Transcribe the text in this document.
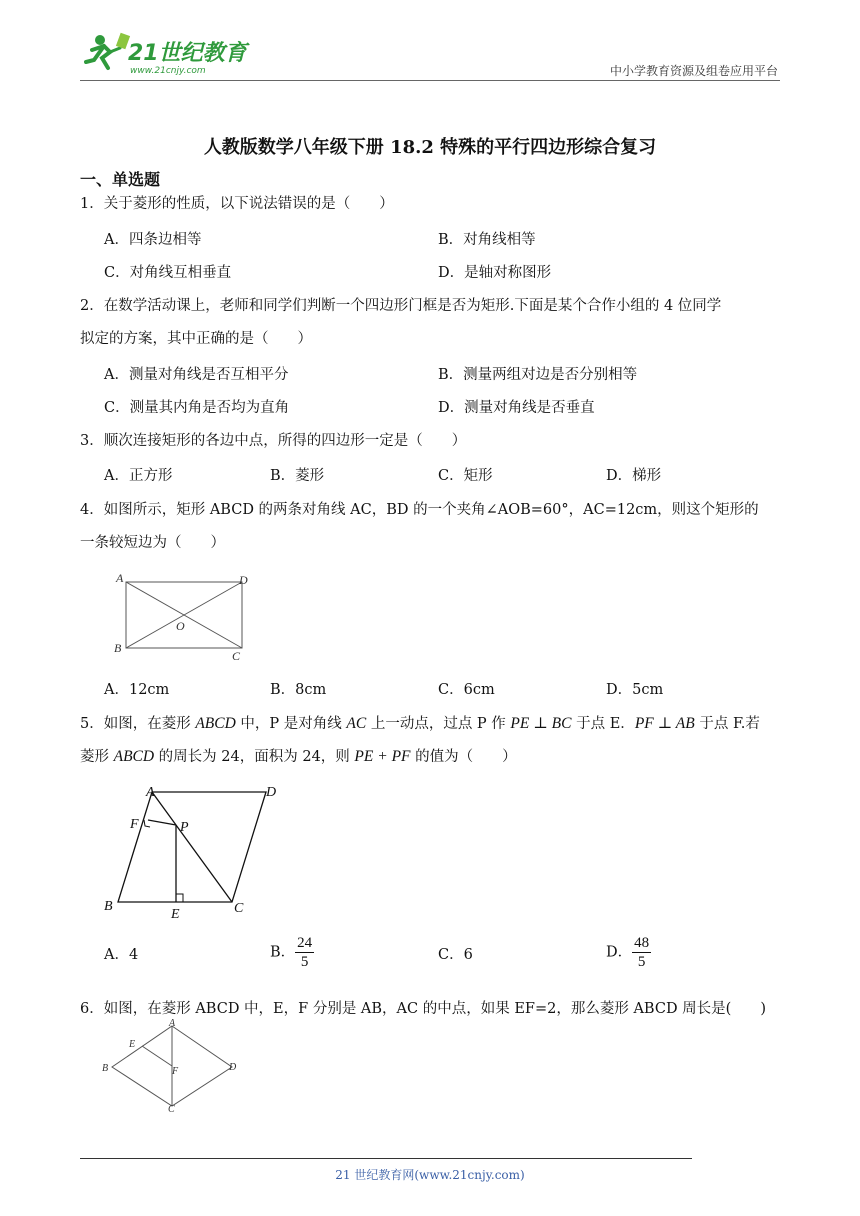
21世纪教育
www.21cnjy.com	中小学教育资源及组卷应用平台
人教版数学八年级下册 18.2 特殊的平行四边形综合复习
一、单选题
1．关于菱形的性质，以下说法错误的是（　　）
A．四条边相等	B．对角线相等
C．对角线互相垂直	D．是轴对称图形
2．在数学活动课上，老师和同学们判断一个四边形门框是否为矩形.下面是某个合作小组的 4 位同学
拟定的方案，其中正确的是（　　）
A．测量对角线是否互相平分	B．测量两组对边是否分别相等
C．测量其内角是否均为直角	D．测量对角线是否垂直
3．顺次连接矩形的各边中点，所得的四边形一定是（　　）
A．正方形	B．菱形	C．矩形	D．梯形
4．如图所示，矩形 ABCD 的两条对角线 AC，BD 的一个夹角∠AOB=60°，AC=12cm，则这个矩形的
一条较短边为（　　）
A	D
O
B
C
A．12cm	B．8cm	C．6cm	D．5cm
5．如图，在菱形 ABCD 中，P 是对角线 AC 上一动点，过点 P 作 PE ⊥ BC 于点 E．PF ⊥ AB 于点 F.若
菱形 ABCD 的周长为 24，面积为 24，则 PE + PF 的值为（　　）
A	D
F	P
B
E	C
A．4	B． $\frac{24}{5}$	C．6	D． $\frac{48}{5}$
6．如图，在菱形 ABCD 中，E，F 分别是 AB，AC 的中点，如果 EF=2，那么菱形 ABCD 周长是(　　)
A
E
B	F	D
C
21 世纪教育网(www.21cnjy.com)
